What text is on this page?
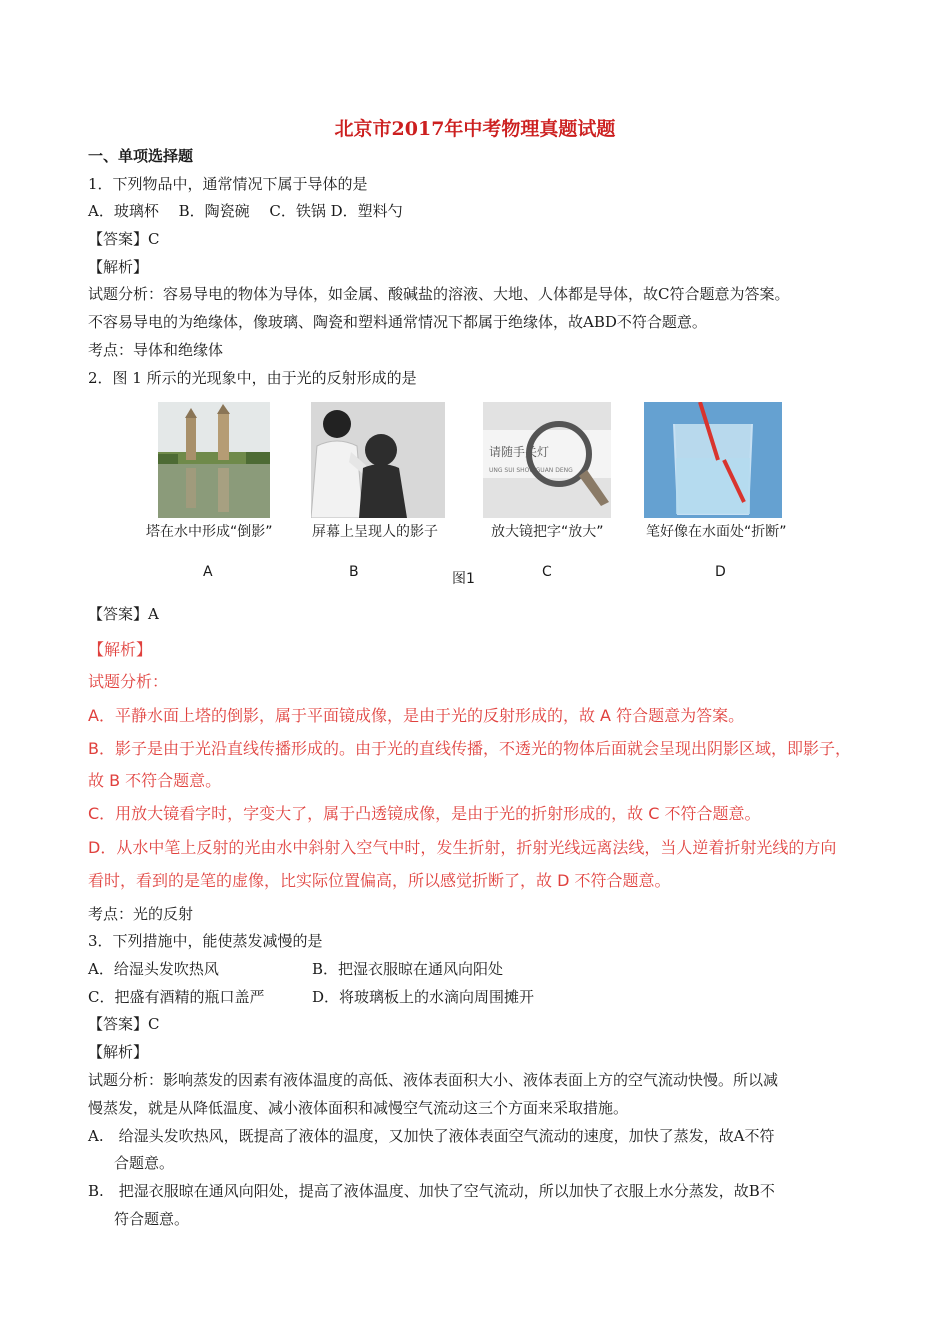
北京市2017年中考物理真题试题
一、单项选择题
1．下列物品中，通常情况下属于导体的是
A．玻璃杯　 B．陶瓷碗　 C．铁锅 D．塑料勺
【答案】C
【解析】
试题分析：容易导电的物体为导体，如金属、酸碱盐的溶液、大地、人体都是导体，故C符合题意为答案。
不容易导电的为绝缘体，像玻璃、陶瓷和塑料通常情况下都属于绝缘体，故ABD不符合题意。
考点：导体和绝缘体
2．图 1 所示的光现象中，由于光的反射形成的是
请随手关灯
UNG SUI SHOU GUAN DENG
塔在水中形成“倒影”	屏幕上呈现人的影子	放大镜把字“放大”	笔好像在水面处“折断”
A	B	图1	C	D
【答案】A
【解析】
试题分析：
A．平静水面上塔的倒影，属于平面镜成像，是由于光的反射形成的，故 A 符合题意为答案。
B．影子是由于光沿直线传播形成的。由于光的直线传播，不透光的物体后面就会呈现出阴影区域，即影子，
故 B 不符合题意。
C．用放大镜看字时，字变大了，属于凸透镜成像，是由于光的折射形成的，故 C 不符合题意。
D．从水中笔上反射的光由水中斜射入空气中时，发生折射，折射光线远离法线，当人逆着折射光线的方向
看时，看到的是笔的虚像，比实际位置偏高，所以感觉折断了，故 D 不符合题意。
考点：光的反射
3．下列措施中，能使蒸发减慢的是
A．给湿头发吹热风	B．把湿衣服晾在通风向阳处
C．把盛有酒精的瓶口盖严	D．将玻璃板上的水滴向周围摊开
【答案】C
【解析】
试题分析：影响蒸发的因素有液体温度的高低、液体表面积大小、液体表面上方的空气流动快慢。所以减
慢蒸发，就是从降低温度、减小液体面积和减慢空气流动这三个方面来采取措施。
A.　给湿头发吹热风，既提高了液体的温度，又加快了液体表面空气流动的速度，加快了蒸发，故A不符
合题意。
B.　把湿衣服晾在通风向阳处，提高了液体温度、加快了空气流动，所以加快了衣服上水分蒸发，故B不
符合题意。
